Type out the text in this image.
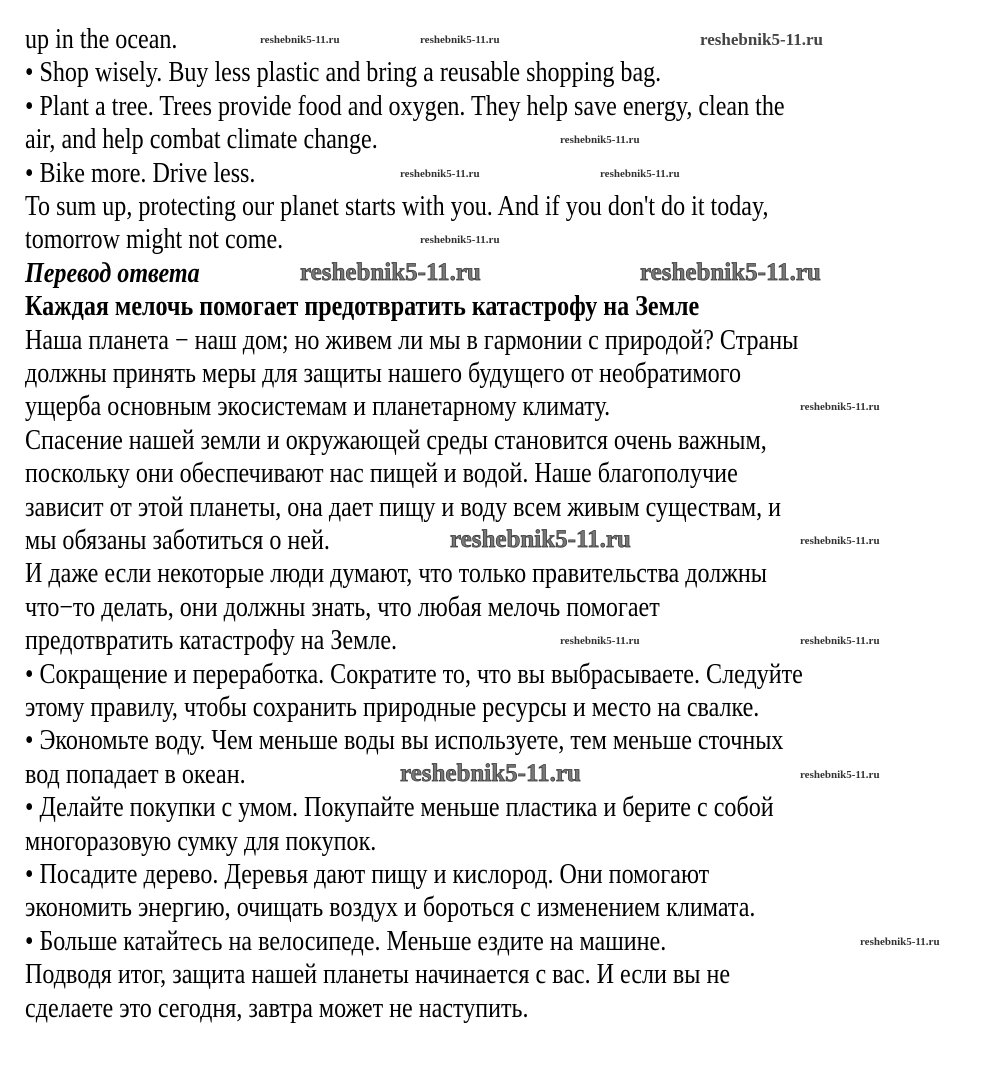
up in the ocean.
• Shop wisely. Buy less plastic and bring a reusable shopping bag.
• Plant a tree. Trees provide food and oxygen. They help save energy, clean the
air, and help combat climate change.
• Bike more. Drive less.
To sum up, protecting our planet starts with you. And if you don't do it today,
tomorrow might not come.
Перевод ответа
Каждая мелочь помогает предотвратить катастрофу на Земле
Наша планета − наш дом; но живем ли мы в гармонии с природой? Страны
должны принять меры для защиты нашего будущего от необратимого
ущерба основным экосистемам и планетарному климату.
Спасение нашей земли и окружающей среды становится очень важным,
поскольку они обеспечивают нас пищей и водой. Наше благополучие
зависит от этой планеты, она дает пищу и воду всем живым существам, и
мы обязаны заботиться о ней.
И даже если некоторые люди думают, что только правительства должны
что−то делать, они должны знать, что любая мелочь помогает
предотвратить катастрофу на Земле.
• Сокращение и переработка. Сократите то, что вы выбрасываете. Следуйте
этому правилу, чтобы сохранить природные ресурсы и место на свалке.
• Экономьте воду. Чем меньше воды вы используете, тем меньше сточных
вод попадает в океан.
• Делайте покупки с умом. Покупайте меньше пластика и берите с собой
многоразовую сумку для покупок.
• Посадите дерево. Деревья дают пищу и кислород. Они помогают
экономить энергию, очищать воздух и бороться с изменением климата.
• Больше катайтесь на велосипеде. Меньше ездите на машине.
Подводя итог, защита нашей планеты начинается с вас. И если вы не
сделаете это сегодня, завтра может не наступить.
reshebnik5-11.ru	reshebnik5-11.ru	reshebnik5-11.ru
reshebnik5-11.ru
reshebnik5-11.ru	reshebnik5-11.ru
reshebnik5-11.ru
reshebnik5-11.ru	reshebnik5-11.ru
reshebnik5-11.ru
reshebnik5-11.ru	reshebnik5-11.ru
reshebnik5-11.ru	reshebnik5-11.ru
reshebnik5-11.ru	reshebnik5-11.ru
reshebnik5-11.ru
